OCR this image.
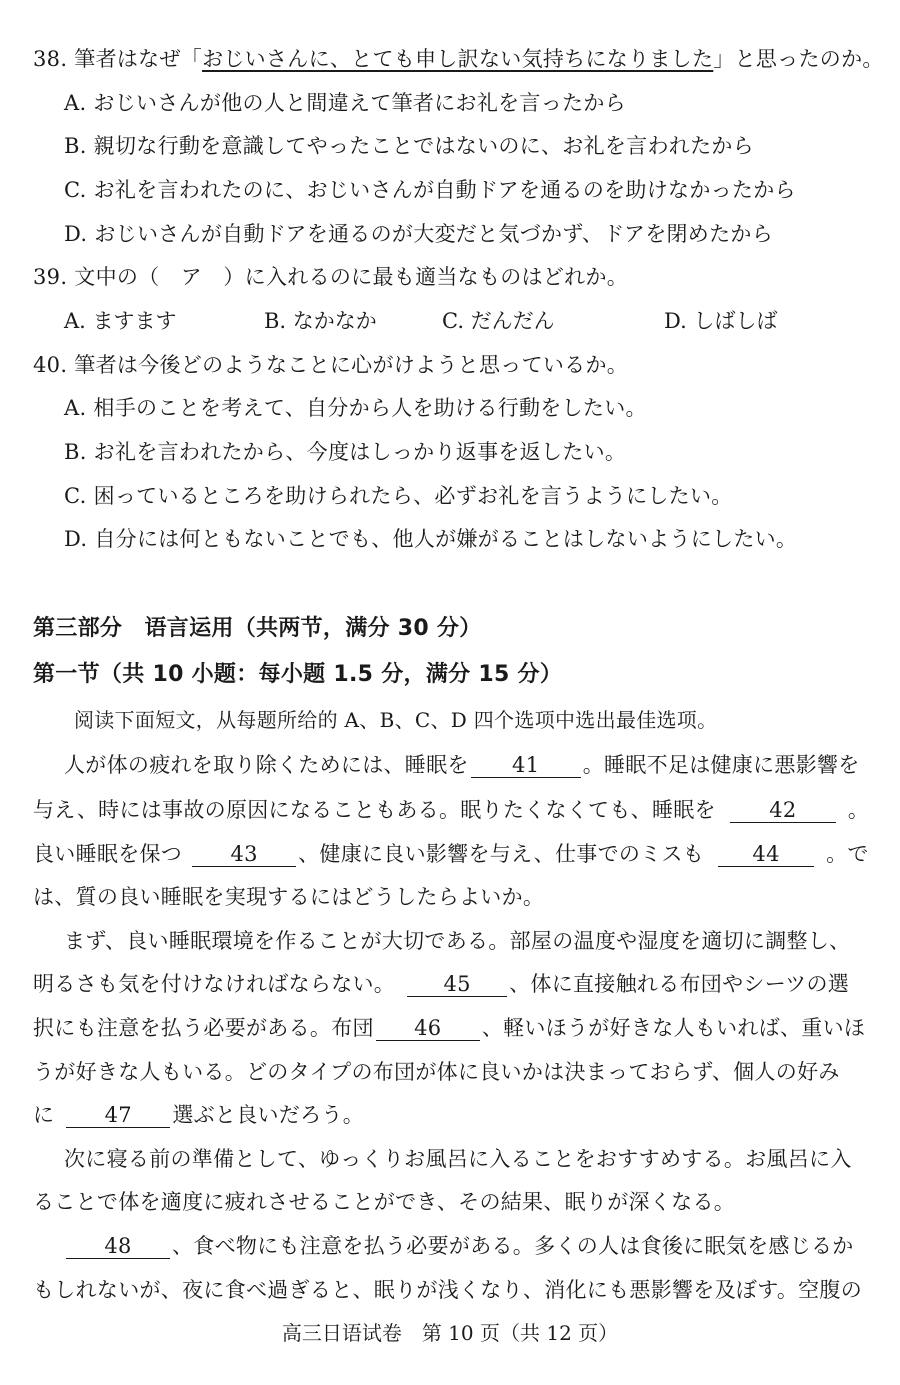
38. 筆者はなぜ「おじいさんに、とても申し訳ない気持ちになりました」と思ったのか。
A. おじいさんが他の人と間違えて筆者にお礼を言ったから
B. 親切な行動を意識してやったことではないのに、お礼を言われたから
C. お礼を言われたのに、おじいさんが自動ドアを通るのを助けなかったから
D. おじいさんが自動ドアを通るのが大変だと気づかず、ドアを閉めたから
39. 文中の（　ア　）に入れるのに最も適当なものはどれか。
A. ますます	B. なかなか	C. だんだん	D. しばしば
40. 筆者は今後どのようなことに心がけようと思っているか。
A. 相手のことを考えて、自分から人を助ける行動をしたい。
B. お礼を言われたから、今度はしっかり返事を返したい。
C. 困っているところを助けられたら、必ずお礼を言うようにしたい。
D. 自分には何ともないことでも、他人が嫌がることはしないようにしたい。
第三部分　语言运用（共两节，满分 30 分）
第一节（共 10 小题：每小题 1.5 分，满分 15 分）
阅读下面短文，从每题所给的 A、B、C、D 四个选项中选出最佳选项。
人が体の疲れを取り除くためには、睡眠を 41 。睡眠不足は健康に悪影響を
与え、時には事故の原因になることもある。眠りたくなくても、睡眠を	42 。
良い睡眠を保つ 43 、健康に良い影響を与え、仕事でのミスも 44 。で
は、質の良い睡眠を実現するにはどうしたらよいか。
まず、良い睡眠環境を作ることが大切である。部屋の温度や湿度を適切に調整し、
明るさも気を付けなければならない。 45 、体に直接触れる布団やシーツの選
択にも注意を払う必要がある。布団 46 、軽いほうが好きな人もいれば、重いほ
うが好きな人もいる。どのタイプの布団が体に良いかは決まっておらず、個人の好み
に 47 選ぶと良いだろう。
次に寝る前の準備として、ゆっくりお風呂に入ることをおすすめする。お風呂に入
ることで体を適度に疲れさせることができ、その結果、眠りが深くなる。
48 、食べ物にも注意を払う必要がある。多くの人は食後に眠気を感じるか
もしれないが、夜に食べ過ぎると、眠りが浅くなり、消化にも悪影響を及ぼす。空腹の
高三日语试卷　第 10 页（共 12 页）
